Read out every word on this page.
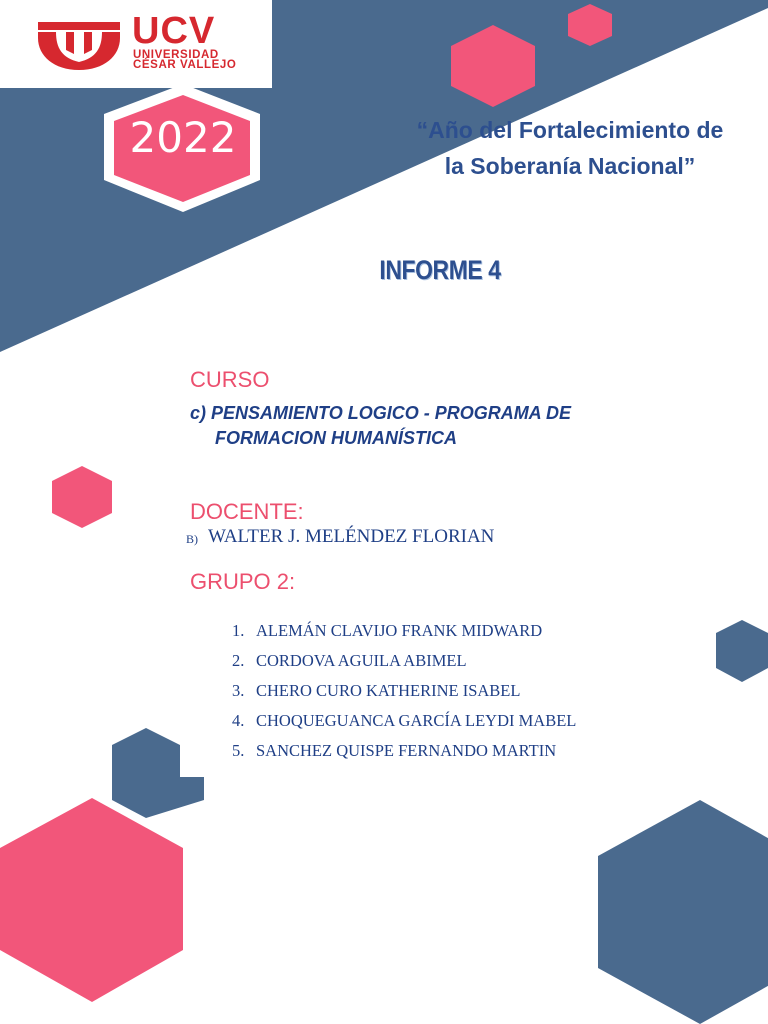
UCV
UNIVERSIDAD
CÉSAR VALLEJO
2022	“Año del Fortalecimiento de
la Soberanía Nacional”
INFORME 4
CURSO
c) PENSAMIENTO LOGICO - PROGRAMA DE
FORMACION HUMANÍSTICA
DOCENTE:
B) WALTER J. MELÉNDEZ FLORIAN
GRUPO 2:
1. ALEMÁN CLAVIJO FRANK MIDWARD
2. CORDOVA AGUILA ABIMEL
3. CHERO CURO KATHERINE ISABEL
4. CHOQUEGUANCA GARCÍA LEYDI MABEL
5. SANCHEZ QUISPE FERNANDO MARTIN
